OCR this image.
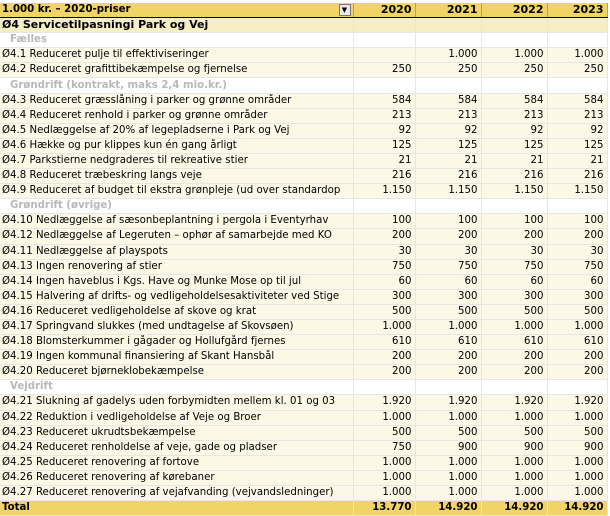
1.000 kr. – 2020-priser ▼	2020	2021	2022	2023
Ø4 Servicetilpasningi Park og Vej				
Fælles				
Ø4.1 Reduceret pulje til effektiviseringer		1.000	1.000	1.000
Ø4.2 Reduceret grafittibekæmpelse og fjernelse	250	250	250	250
Grøndrift (kontrakt, maks 2,4 mio.kr.)				
Ø4.3 Reduceret græsslåning i parker og grønne områder	584	584	584	584
Ø4.4 Reduceret renhold i parker og grønne områder	213	213	213	213
Ø4.5 Nedlæggelse af 20% af legepladserne i Park og Vej	92	92	92	92
Ø4.6 Hække og pur klippes kun én gang årligt	125	125	125	125
Ø4.7 Parkstierne nedgraderes til rekreative stier	21	21	21	21
Ø4.8 Reduceret træbeskring langs veje	216	216	216	216
Ø4.9 Reduceret af budget til ekstra grønpleje (ud over standardop	1.150	1.150	1.150	1.150
Grøndrift (øvrige)				
Ø4.10 Nedlæggelse af sæsonbeplantning i pergola i Eventyrhav	100	100	100	100
Ø4.12 Nedlæggelse af Legeruten – ophør af samarbejde med KO	200	200	200	200
Ø4.11 Nedlæggelse af playspots	30	30	30	30
Ø4.13 Ingen renovering af stier	750	750	750	750
Ø4.14 Ingen haveblus i Kgs. Have og Munke Mose op til jul	60	60	60	60
Ø4.15 Halvering af drifts- og vedligeholdelsesaktiviteter ved Stige	300	300	300	300
Ø4.16 Reduceret vedligeholdelse af skove og krat	500	500	500	500
Ø4.17 Springvand slukkes (med undtagelse af Skovsøen)	1.000	1.000	1.000	1.000
Ø4.18 Blomsterkummer i gågader og Hollufgård fjernes	610	610	610	610
Ø4.19 Ingen kommunal finansiering af Skant Hansbål	200	200	200	200
Ø4.20 Reduceret bjørneklobekæmpelse	200	200	200	200
Vejdrift				
Ø4.21 Slukning af gadelys uden forbymidten mellem kl. 01 og 03	1.920	1.920	1.920	1.920
Ø4.22 Reduktion i vedligeholdelse af Veje og Broer	1.000	1.000	1.000	1.000
Ø4.23 Reduceret ukrudtsbekæmpelse	500	500	500	500
Ø4.24 Reduceret renholdelse af veje, gade og pladser	750	900	900	900
Ø4.25 Reduceret renovering af fortove	1.000	1.000	1.000	1.000
Ø4.26 Reduceret renovering af kørebaner	1.000	1.000	1.000	1.000
Ø4.27 Reduceret renovering af vejafvanding (vejvandsledninger)	1.000	1.000	1.000	1.000
Total	13.770	14.920	14.920	14.920
